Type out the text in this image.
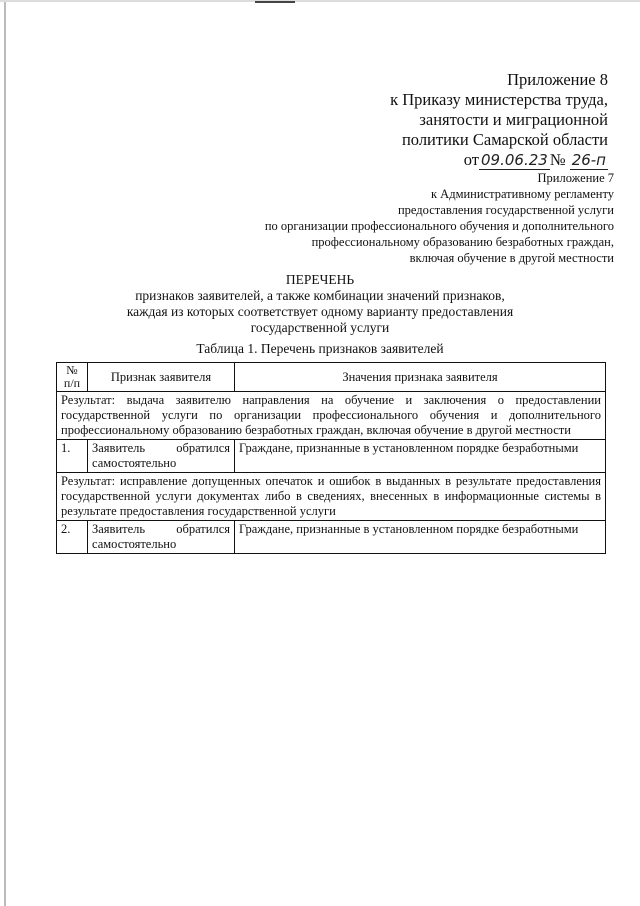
Приложение 8
к Приказу министерства труда,
занятости и миграционной
политики Самарской области
от 09.06.23 № 26-п
Приложение 7
к Административному регламенту
предоставления государственной услуги
по организации профессионального обучения и дополнительного
профессиональному образованию безработных граждан,
включая обучение в другой местности
ПЕРЕЧЕНЬ
признаков заявителей, а также комбинации значений признаков,
каждая из которых соответствует одному варианту предоставления
государственной услуги
Таблица 1. Перечень признаков заявителей
№ п/п	Признак заявителя	Значения признака заявителя
Результат: выдача заявителю направления на обучение и заключения о предоставлении государственной услуги по организации профессионального обучения и дополнительного профессиональному образованию безработных граждан, включая обучение в другой местности		
1.	Заявитель обратился самостоятельно	Граждане, признанные в установленном порядке безработными
Результат: исправление допущенных опечаток и ошибок в выданных в результате предоставления государственной услуги документах либо в сведениях, внесенных в информационные системы в результате предоставления государственной услуги		
2.	Заявитель обратился самостоятельно	Граждане, признанные в установленном порядке безработными
